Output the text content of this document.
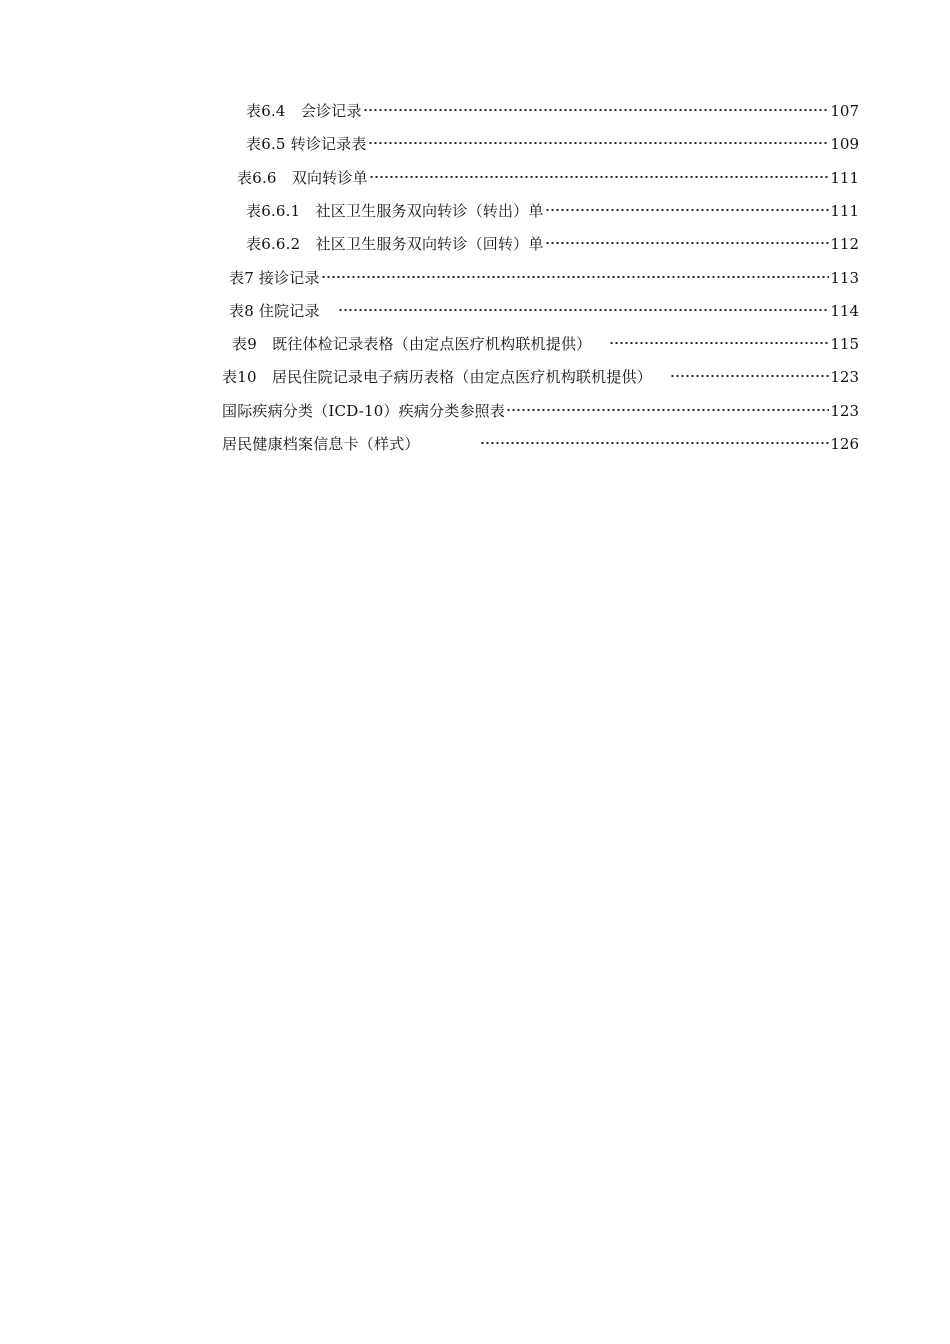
表6.4　会诊记录	107
表6.5 转诊记录表	109
表6.6　双向转诊单	111
表6.6.1　社区卫生服务双向转诊（转出）单	111
表6.6.2　社区卫生服务双向转诊（回转）单	112
表7 接诊记录	113
表8 住院记录	114
表9　既往体检记录表格（由定点医疗机构联机提供）	115
表10　居民住院记录电子病历表格（由定点医疗机构联机提供）	123
国际疾病分类（ICD-10）疾病分类参照表	123
居民健康档案信息卡（样式）	126
